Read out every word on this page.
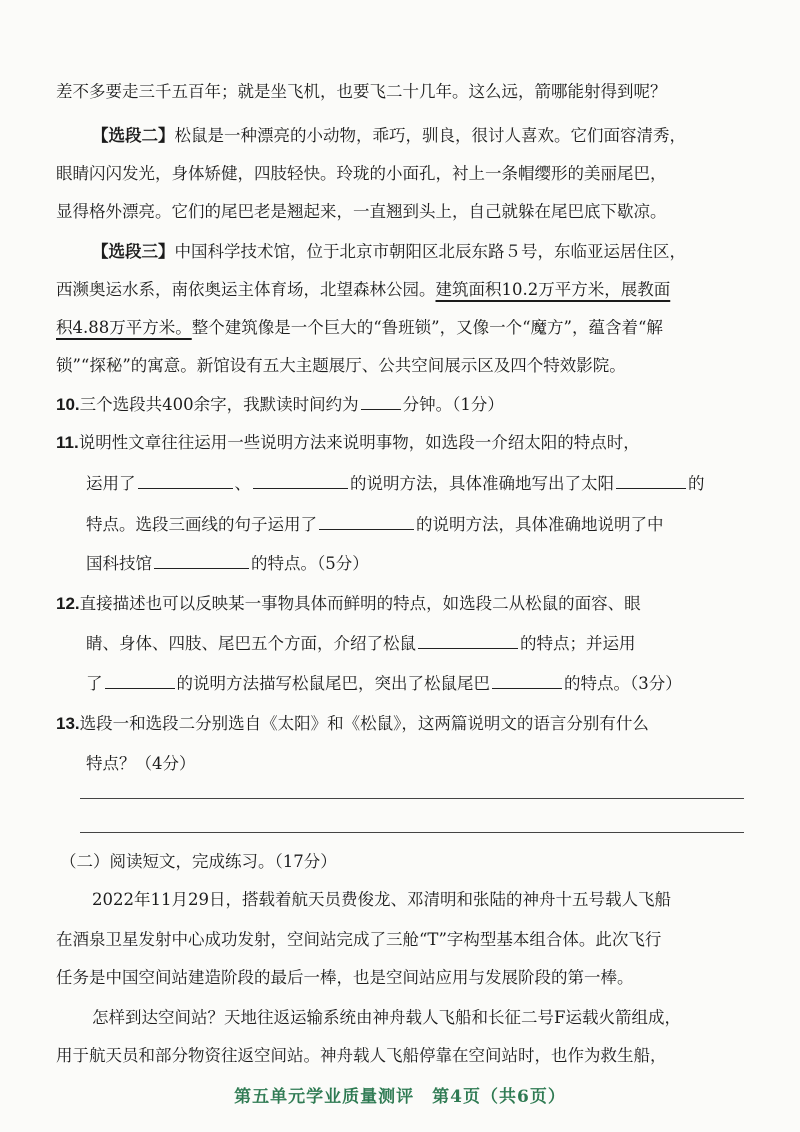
差不多要走三千五百年；就是坐飞机，也要飞二十几年。这么远，箭哪能射得到呢？
【选段二】松鼠是一种漂亮的小动物，乖巧，驯良，很讨人喜欢。它们面容清秀，
眼睛闪闪发光，身体矫健，四肢轻快。玲珑的小面孔，衬上一条帽缨形的美丽尾巴，
显得格外漂亮。它们的尾巴老是翘起来，一直翘到头上，自己就躲在尾巴底下歇凉。
【选段三】中国科学技术馆，位于北京市朝阳区北辰东路５号，东临亚运居住区，
西濒奥运水系，南依奥运主体育场，北望森林公园。建筑面积10.2万平方米，展教面
积4.88万平方米。整个建筑像是一个巨大的“鲁班锁”，又像一个“魔方”，蕴含着“解
锁”“探秘”的寓意。新馆设有五大主题展厅、公共空间展示区及四个特效影院。
10.三个选段共400余字，我默读时间约为	分钟。（1分）
11.说明性文章往往运用一些说明方法来说明事物，如选段一介绍太阳的特点时，
运用了	、	的说明方法，具体准确地写出了太阳	的
特点。选段三画线的句子运用了	的说明方法，具体准确地说明了中
国科技馆	的特点。（5分）
12.直接描述也可以反映某一事物具体而鲜明的特点，如选段二从松鼠的面容、眼
睛、身体、四肢、尾巴五个方面，介绍了松鼠	的特点；并运用
了	的说明方法描写松鼠尾巴，突出了松鼠尾巴	的特点。（3分）
13.选段一和选段二分别选自《太阳》和《松鼠》，这两篇说明文的语言分别有什么
特点？（4分）
（二）阅读短文，完成练习。（17分）
2022年11月29日，搭载着航天员费俊龙、邓清明和张陆的神舟十五号载人飞船
在酒泉卫星发射中心成功发射，空间站完成了三舱“T”字构型基本组合体。此次飞行
任务是中国空间站建造阶段的最后一棒，也是空间站应用与发展阶段的第一棒。
怎样到达空间站？天地往返运输系统由神舟载人飞船和长征二号F运载火箭组成，
用于航天员和部分物资往返空间站。神舟载人飞船停靠在空间站时，也作为救生船，
第五单元学业质量测评　第4页（共6页）
